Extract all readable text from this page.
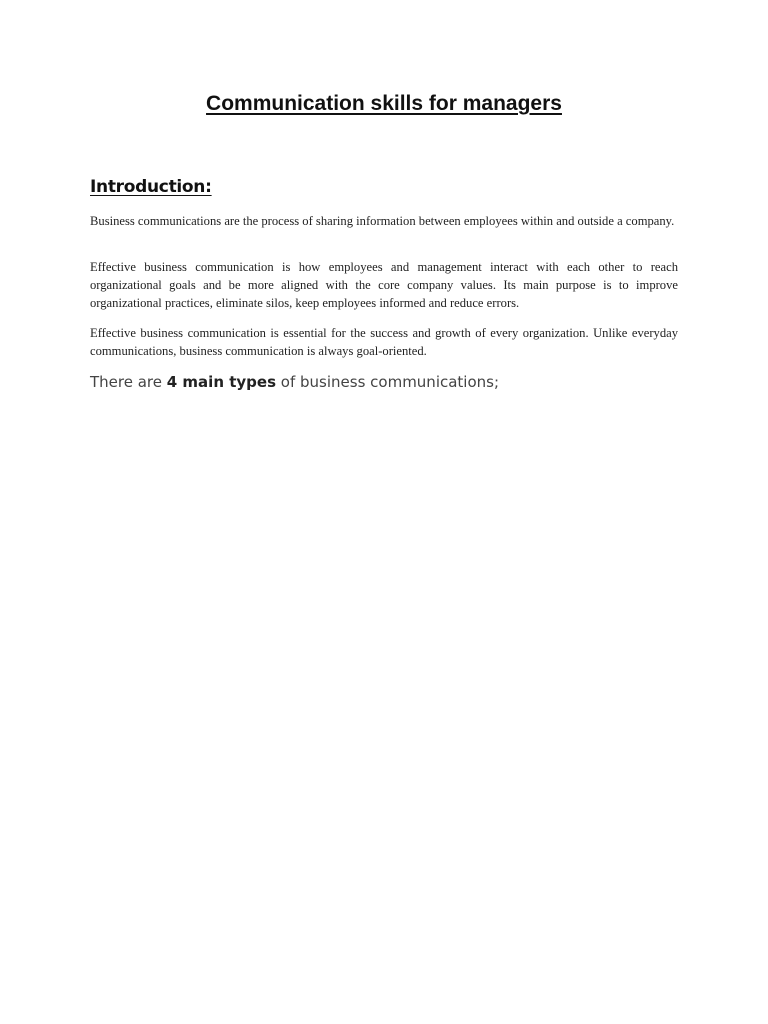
Communication skills for managers
Introduction:

Business communications are the process of sharing information between employees within and outside a company.

Effective business communication is how employees and management interact with each other to reach organizational goals and be more aligned with the core company values. Its main purpose is to improve organizational practices, eliminate silos, keep employees informed and reduce errors.

Effective business communication is essential for the success and growth of every organization. Unlike everyday communications, business communication is always goal-oriented.

There are 4 main types of business communications;
